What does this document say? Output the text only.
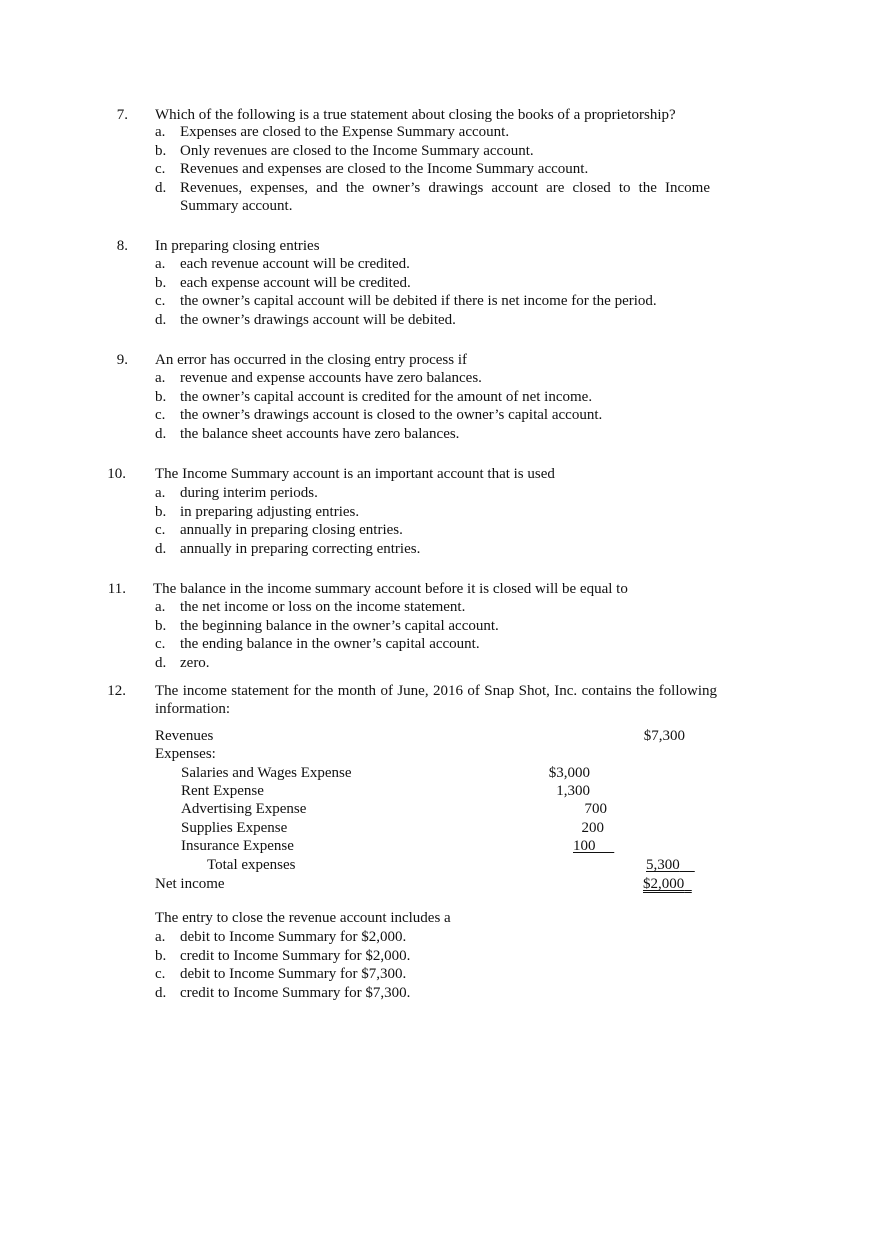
7. Which of the following is a true statement about closing the books of a proprietorship?
a. Expenses are closed to the Expense Summary account.
b. Only revenues are closed to the Income Summary account.
c. Revenues and expenses are closed to the Income Summary account.
d. Revenues, expenses, and the owner’s drawings account are closed to the Income Summary account.
8. In preparing closing entries
a. each revenue account will be credited.
b. each expense account will be credited.
c. the owner’s capital account will be debited if there is net income for the period.
d. the owner’s drawings account will be debited.
9. An error has occurred in the closing entry process if
a. revenue and expense accounts have zero balances.
b. the owner’s capital account is credited for the amount of net income.
c. the owner’s drawings account is closed to the owner’s capital account.
d. the balance sheet accounts have zero balances.
10. The Income Summary account is an important account that is used
a. during interim periods.
b. in preparing adjusting entries.
c. annually in preparing closing entries.
d. annually in preparing correcting entries.
11. The balance in the income summary account before it is closed will be equal to
a. the net income or loss on the income statement.
b. the beginning balance in the owner’s capital account.
c. the ending balance in the owner’s capital account.
d. zero.
12. The income statement for the month of June, 2016 of Snap Shot, Inc. contains the following information:
Revenues	$7,300
Expenses:
Salaries and Wages Expense	$3,000
Rent Expense	1,300
Advertising Expense	700
Supplies Expense	200
Insurance Expense	100
Total expenses	5,300
Net income	$2,000
The entry to close the revenue account includes a
a. debit to Income Summary for $2,000.
b. credit to Income Summary for $2,000.
c. debit to Income Summary for $7,300.
d. credit to Income Summary for $7,300.
